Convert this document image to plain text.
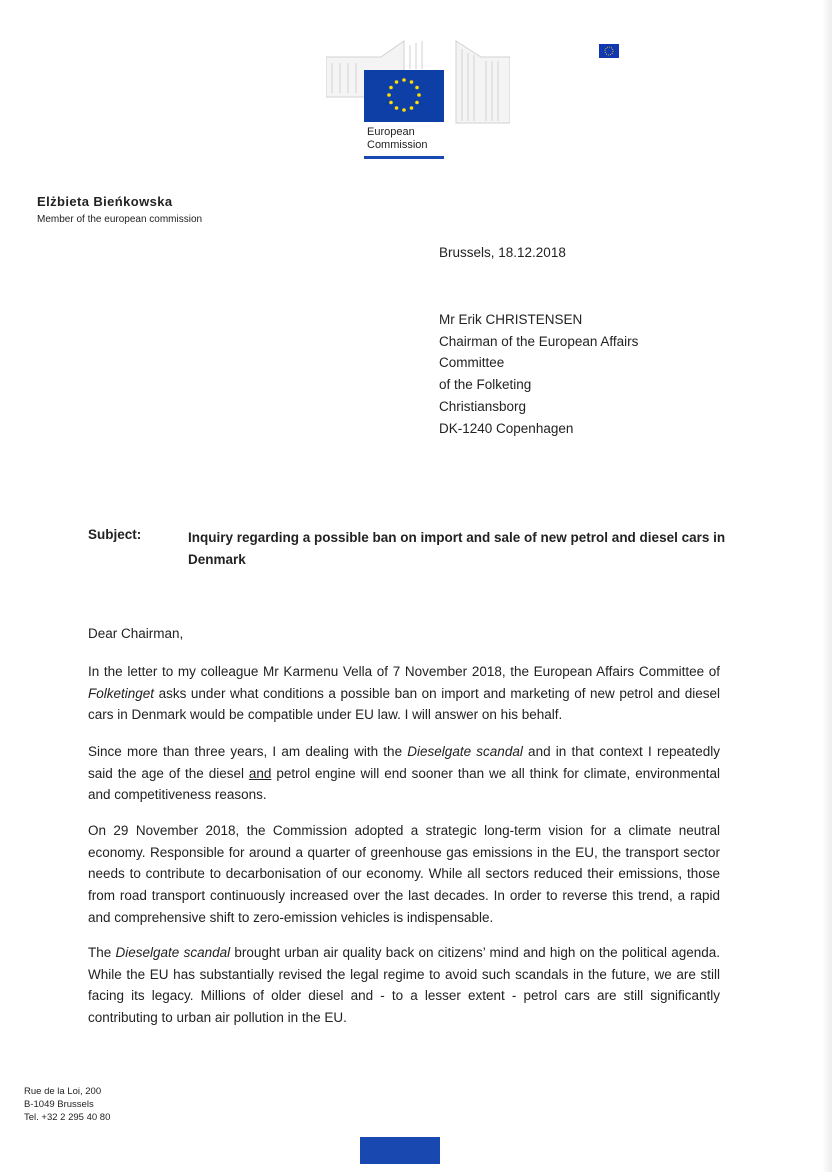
European
Commission
Elżbieta Bieńkowska
Member of the european commission
Brussels, 18.12.2018
Mr Erik CHRISTENSEN
Chairman of the European Affairs
Committee
of the Folketing
Christiansborg
DK-1240 Copenhagen
Subject:	Inquiry regarding a possible ban on import and sale of new petrol and diesel cars in Denmark
Dear Chairman,

In the letter to my colleague Mr Karmenu Vella of 7 November 2018, the European Affairs Committee of Folketinget asks under what conditions a possible ban on import and marketing of new petrol and diesel cars in Denmark would be compatible under EU law. I will answer on his behalf.

Since more than three years, I am dealing with the Dieselgate scandal and in that context I repeatedly said the age of the diesel and petrol engine will end sooner than we all think for climate, environmental and competitiveness reasons.

On 29 November 2018, the Commission adopted a strategic long-term vision for a climate neutral economy. Responsible for around a quarter of greenhouse gas emissions in the EU, the transport sector needs to contribute to decarbonisation of our economy. While all sectors reduced their emissions, those from road transport continuously increased over the last decades. In order to reverse this trend, a rapid and comprehensive shift to zero-emission vehicles is indispensable.

The Dieselgate scandal brought urban air quality back on citizens’ mind and high on the political agenda. While the EU has substantially revised the legal regime to avoid such scandals in the future, we are still facing its legacy. Millions of older diesel and - to a lesser extent - petrol cars are still significantly contributing to urban air pollution in the EU.

Rue de la Loi, 200
B-1049 Brussels
Tel. +32 2 295 40 80
